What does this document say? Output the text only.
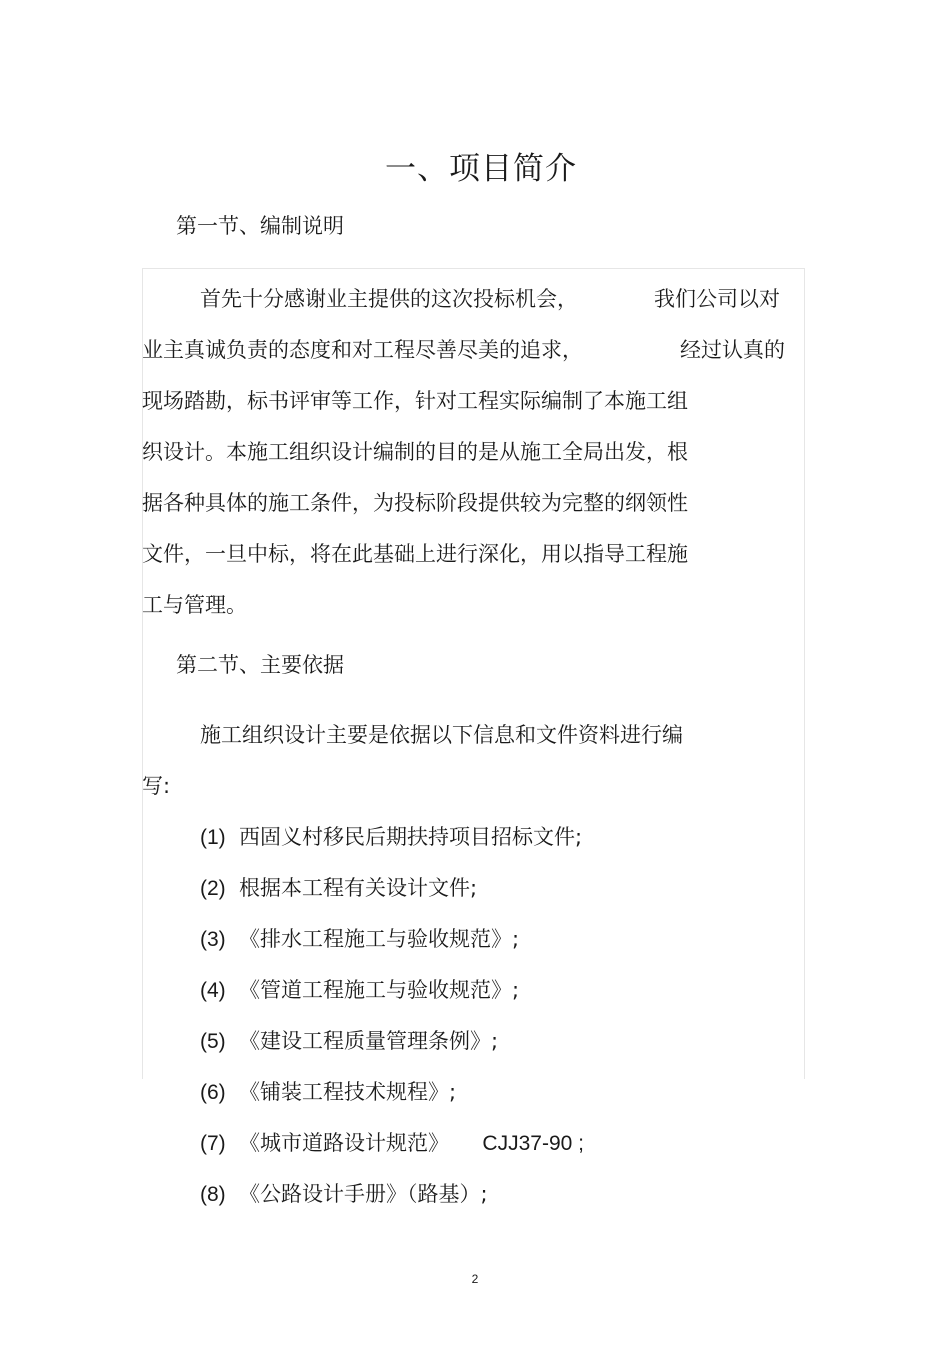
一、项目简介
第一节、编制说明
首先十分感谢业主提供的这次投标机会，	我们公司以对
业主真诚负责的态度和对工程尽善尽美的追求，	经过认真的
现场踏勘，标书评审等工作，针对工程实际编制了本施工组
织设计。本施工组织设计编制的目的是从施工全局出发，根
据各种具体的施工条件，为投标阶段提供较为完整的纲领性
文件，一旦中标，将在此基础上进行深化，用以指导工程施
工与管理。
第二节、主要依据
施工组织设计主要是依据以下信息和文件资料进行编
写:
(1) 西固义村移民后期扶持项目招标文件;
(2) 根据本工程有关设计文件;
(3) 《排水工程施工与验收规范》;
(4) 《管道工程施工与验收规范》;
(5) 《建设工程质量管理条例》;
(6) 《铺装工程技术规程》;
(7) 《城市道路设计规范》 CJJ37-90 ;
(8) 《公路设计手册》（路基）;
2
